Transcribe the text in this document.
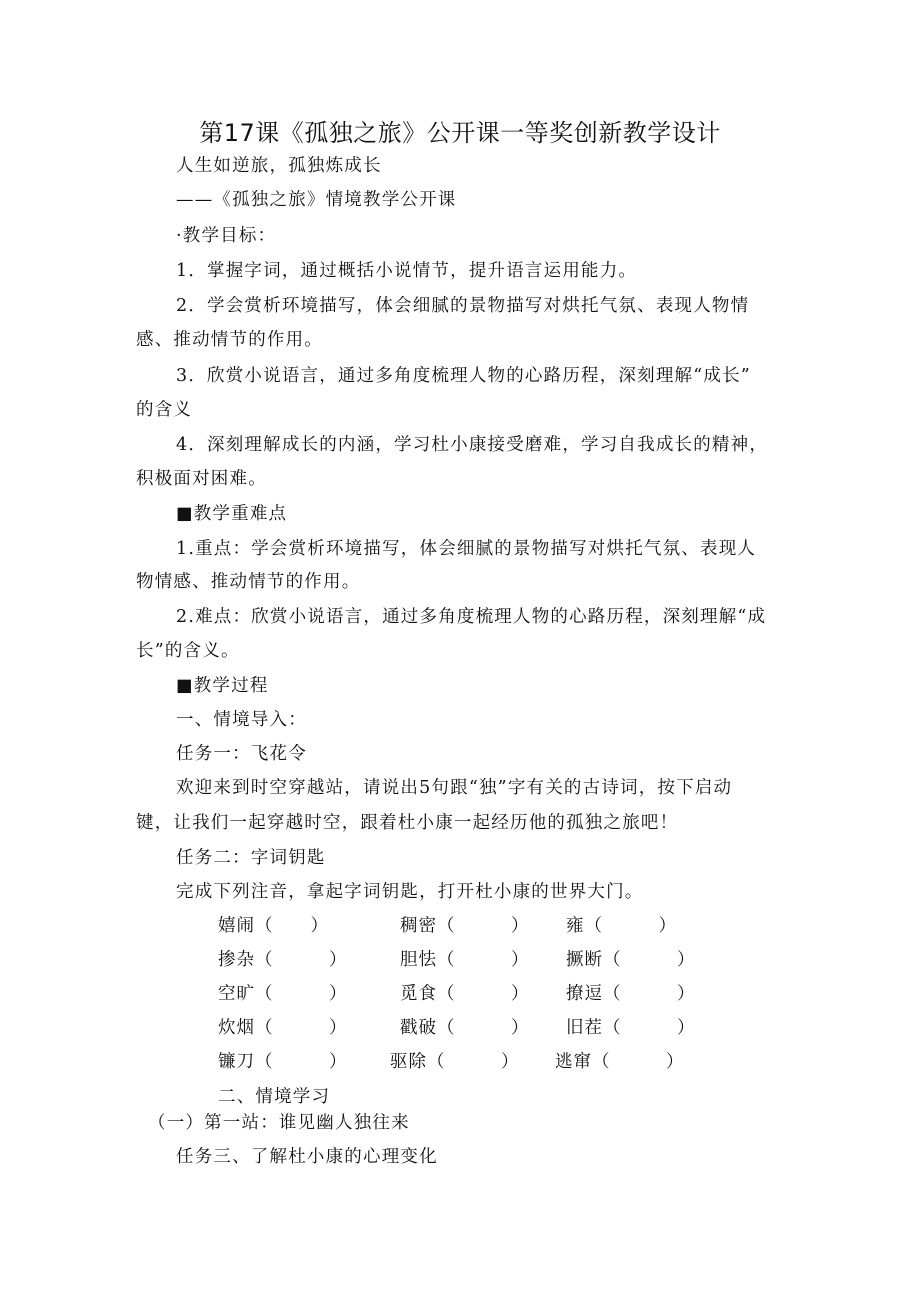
第17课《孤独之旅》公开课一等奖创新教学设计
人生如逆旅，孤独炼成长
——《孤独之旅》情境教学公开课
·教学目标：
1．掌握字词，通过概括小说情节，提升语言运用能力。
2．学会赏析环境描写，体会细腻的景物描写对烘托气氛、表现人物情
感、推动情节的作用。
3．欣赏小说语言，通过多角度梳理人物的心路历程，深刻理解“成长”
的含义
4．深刻理解成长的内涵，学习杜小康接受磨难，学习自我成长的精神，
积极面对困难。
■教学重难点
1.重点：学会赏析环境描写，体会细腻的景物描写对烘托气氛、表现人
物情感、推动情节的作用。
2.难点：欣赏小说语言，通过多角度梳理人物的心路历程，深刻理解“成
长”的含义。
■教学过程
一、情境导入：
任务一：飞花令
欢迎来到时空穿越站，请说出5句跟“独”字有关的古诗词，按下启动
键，让我们一起穿越时空，跟着杜小康一起经历他的孤独之旅吧！
任务二：字词钥匙
完成下列注音，拿起字词钥匙，打开杜小康的世界大门。
嬉闹（　　）	稠密（　　　） 雍（　　　）
掺杂（　　　）	胆怯（　　　） 撅断（　　　）
空旷（　　　）	觅食（　　　） 撩逗（　　　）
炊烟（　　　）	戳破（　　　） 旧茬（　　　）
镰刀（　　　） 驱除（　　　） 逃窜（　　　）
二、情境学习
（一）第一站：谁见幽人独往来
任务三、了解杜小康的心理变化
